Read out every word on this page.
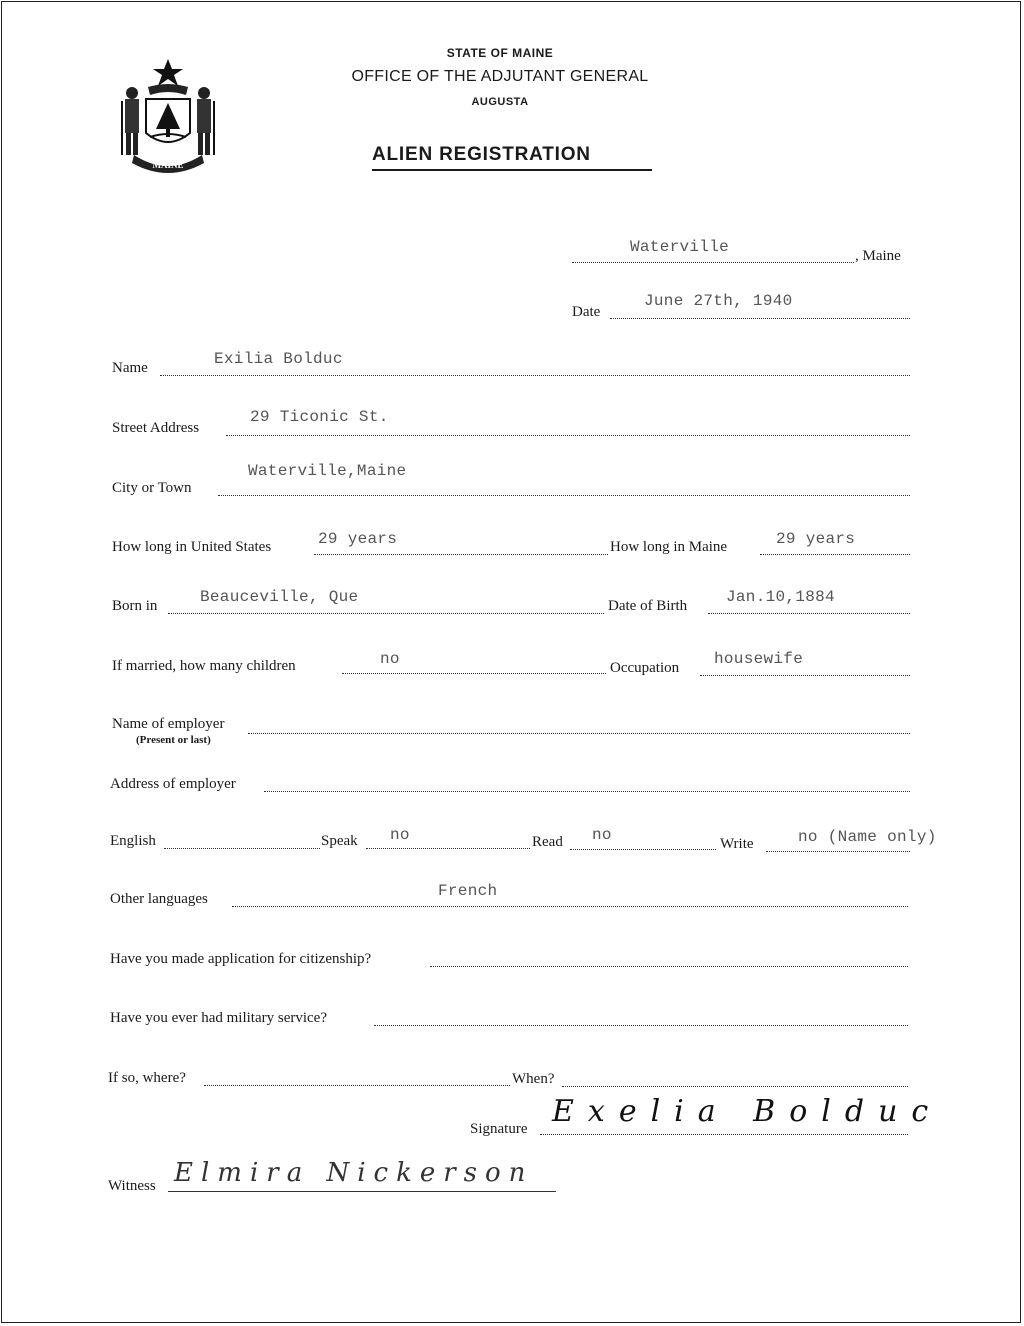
MAINE
STATE OF MAINE
OFFICE OF THE ADJUTANT GENERAL
AUGUSTA
ALIEN REGISTRATION
Waterville	, Maine
Date
June 27th, 1940
Name	Exilia Bolduc
Street Address
29 Ticonic St.
City or Town
Waterville,Maine
How long in United States	29 years	How long in Maine	29 years
Born in	Beauceville, Que	Date of Birth Jan.10,1884
If married, how many children	no	Occupation housewife
Name of employer
(Present or last)
Address of employer
English	Speak no	Read no	Write	no (Name only)
Other languages	French
Have you made application for citizenship?
Have you ever had military service?
If so, where?	When?
Signature Exelia Bolduc
Witness Elmira Nickerson
